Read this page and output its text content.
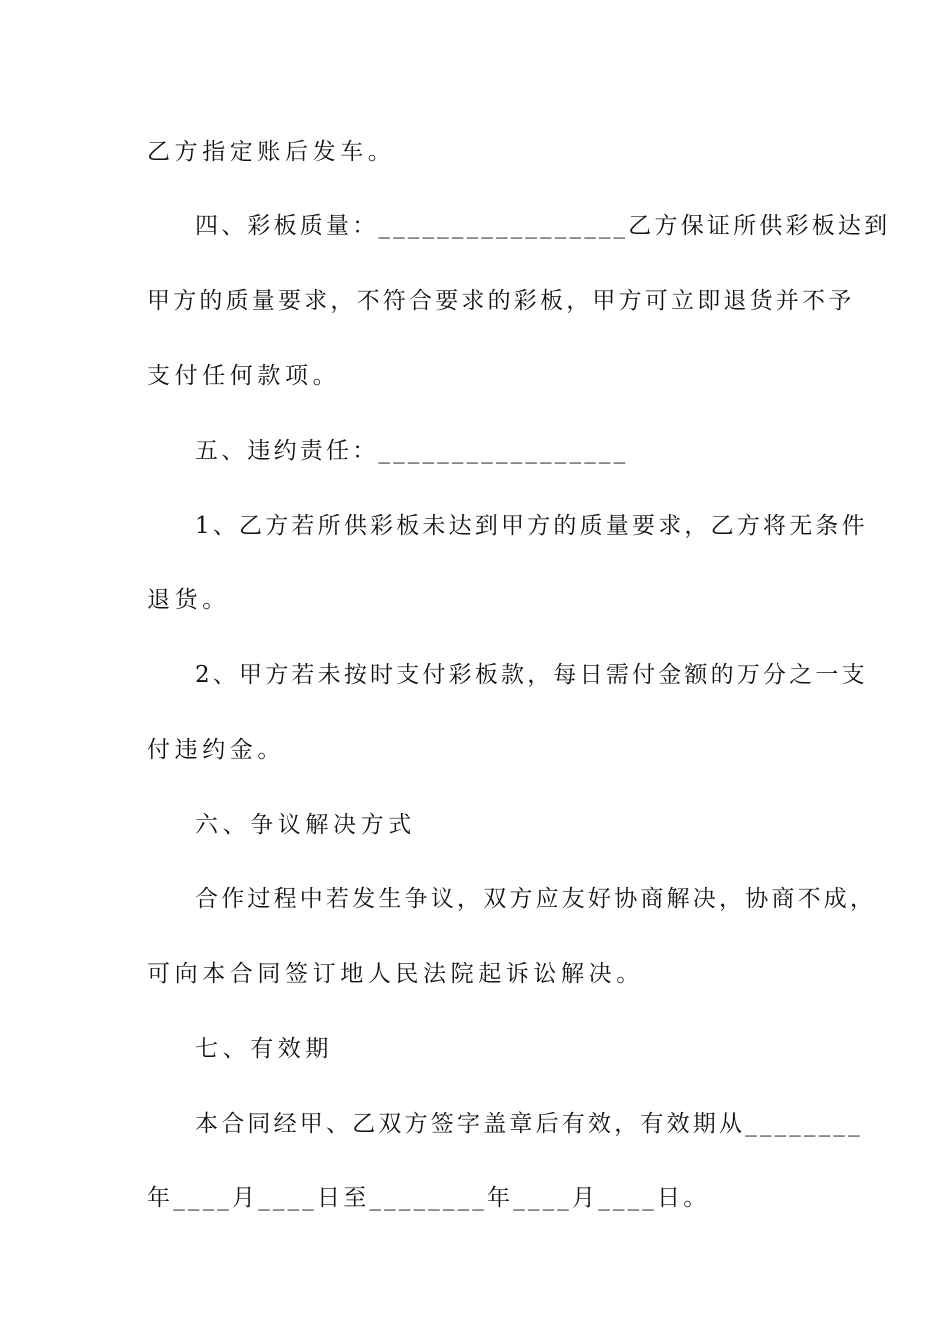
乙方指定账后发车。
四、彩板质量：_________________乙方保证所供彩板达到
甲方的质量要求，不符合要求的彩板，甲方可立即退货并不予
支付任何款项。
五、违约责任：_________________
1、乙方若所供彩板未达到甲方的质量要求，乙方将无条件
退货。
2、甲方若未按时支付彩板款，每日需付金额的万分之一支
付违约金。
六、争议解决方式
合作过程中若发生争议，双方应友好协商解决，协商不成，
可向本合同签订地人民法院起诉讼解决。
七、有效期
本合同经甲、乙双方签字盖章后有效，有效期从________
年____月____日至________年____月____日。
